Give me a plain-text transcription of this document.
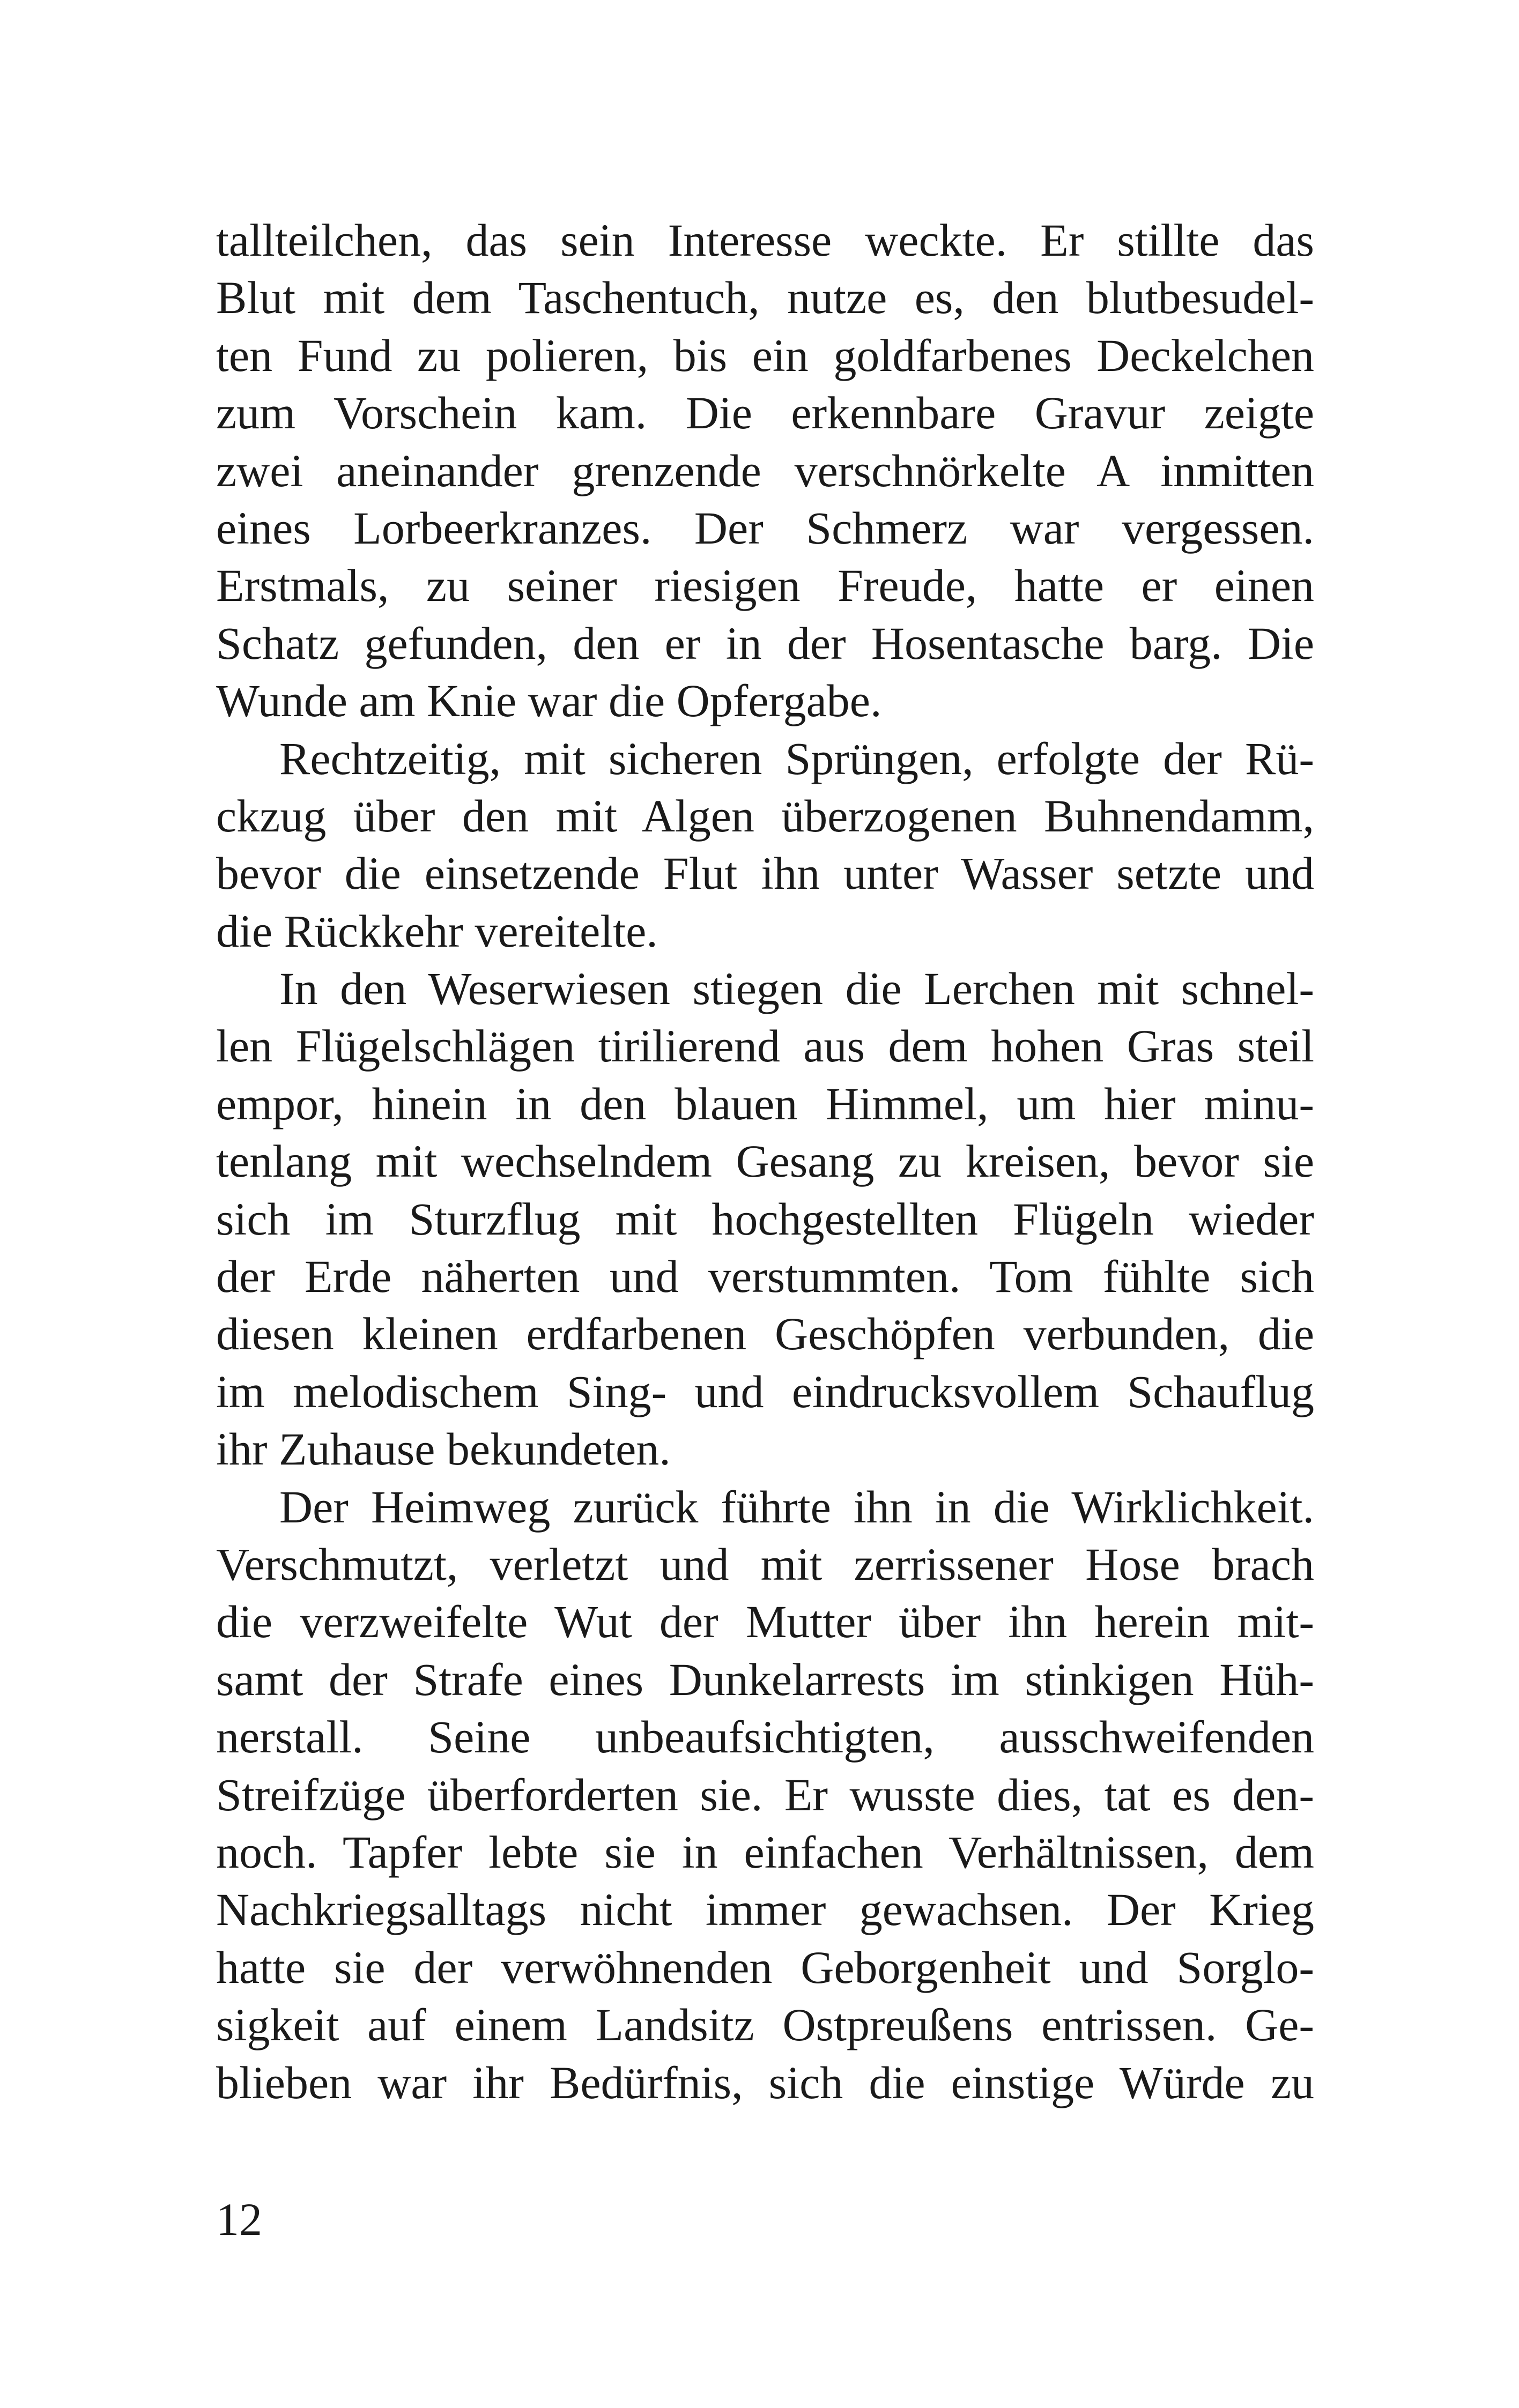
tallteilchen, das sein Interesse weckte. Er stillte das
Blut mit dem Taschentuch, nutze es, den blutbesudel-
ten Fund zu polieren, bis ein goldfarbenes Deckelchen
zum Vorschein kam. Die erkennbare Gravur zeigte
zwei aneinander grenzende verschnörkelte A inmitten
eines Lorbeerkranzes. Der Schmerz war vergessen.
Erstmals, zu seiner riesigen Freude, hatte er einen
Schatz gefunden, den er in der Hosentasche barg. Die
Wunde am Knie war die Opfergabe.
Rechtzeitig, mit sicheren Sprüngen, erfolgte der Rü-
ckzug über den mit Algen überzogenen Buhnendamm,
bevor die einsetzende Flut ihn unter Wasser setzte und
die Rückkehr vereitelte.
In den Weserwiesen stiegen die Lerchen mit schnel-
len Flügelschlägen tirilierend aus dem hohen Gras steil
empor, hinein in den blauen Himmel, um hier minu-
tenlang mit wechselndem Gesang zu kreisen, bevor sie
sich im Sturzflug mit hochgestellten Flügeln wieder
der Erde näherten und verstummten. Tom fühlte sich
diesen kleinen erdfarbenen Geschöpfen verbunden, die
im melodischem Sing- und eindrucksvollem Schauflug
ihr Zuhause bekundeten.
Der Heimweg zurück führte ihn in die Wirklichkeit.
Verschmutzt, verletzt und mit zerrissener Hose brach
die verzweifelte Wut der Mutter über ihn herein mit-
samt der Strafe eines Dunkelarrests im stinkigen Hüh-
nerstall. Seine unbeaufsichtigten, ausschweifenden
Streifzüge überforderten sie. Er wusste dies, tat es den-
noch. Tapfer lebte sie in einfachen Verhältnissen, dem
Nachkriegsalltags nicht immer gewachsen. Der Krieg
hatte sie der verwöhnenden Geborgenheit und Sorglo-
sigkeit auf einem Landsitz Ostpreußens entrissen. Ge-
blieben war ihr Bedürfnis, sich die einstige Würde zu
12
